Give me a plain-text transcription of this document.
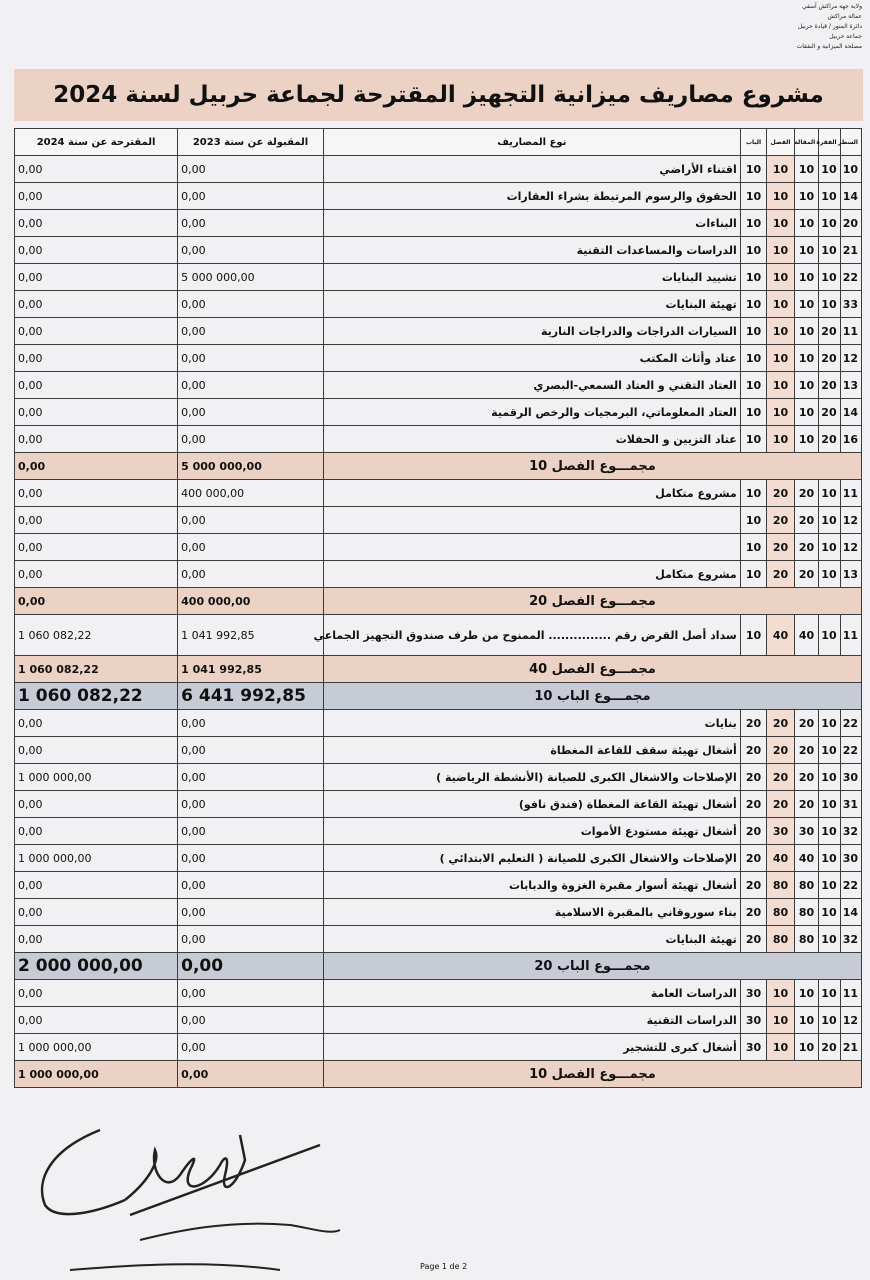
ولاية جهة مراكش آسفي
عمالة مراكش
دائرة المنور / قيادة حربيل
جماعة حربيل
مصلحة الميزانية و النفقات
مشروع مصاريف ميزانية التجهيز المقترحة لجماعة حربيل لسنة 2024
السطر	الفقرة	المقالة	الفصل	الباب	نوع المصاريف	المقبولة عن سنة 2023	المقترحة عن سنة 2024
10	10	10	10	10	اقتناء الأراضي	0,00	0,00
14	10	10	10	10	الحقوق والرسوم المرتبطة بشراء العقارات	0,00	0,00
20	10	10	10	10	البناءات	0,00	0,00
21	10	10	10	10	الدراسات والمساعدات التقنية	0,00	0,00
22	10	10	10	10	تشييد البنايات	5 000 000,00	0,00
33	10	10	10	10	تهيئة البنايات	0,00	0,00
11	20	10	10	10	السيارات الدراجات والدراجات النارية	0,00	0,00
12	20	10	10	10	عتاد وأثاث المكتب	0,00	0,00
13	20	10	10	10	العتاد التقني و العتاد السمعي-البصري	0,00	0,00
14	20	10	10	10	العتاد المعلوماتي، البرمجيات والرخص الرقمية	0,00	0,00
16	20	10	10	10	عتاد التزيين و الحفلات	0,00	0,00
مجمـــوع الفصل 10						5 000 000,00	0,00
11	10	20	20	10	مشروع متكامل	400 000,00	0,00
12	10	20	20	10		0,00	0,00
12	10	20	20	10		0,00	0,00
13	10	20	20	10	مشروع متكامل	0,00	0,00
مجمـــوع الفصل 20						400 000,00	0,00
11	10	40	40	10	سداد أصل القرض رقم ............... الممنوح من طرف صندوق التجهيز الجماعي	1 041 992,85	1 060 082,22
مجمـــوع الفصل 40						1 041 992,85	1 060 082,22
مجمـــوع الباب 10						6 441 992,85	1 060 082,22
22	10	20	20	20	بنايات	0,00	0,00
22	10	20	20	20	أشغال تهيئة سقف للقاعة المغطاة	0,00	0,00
30	10	20	20	20	الإصلاحات والاشغال الكبرى للصيانة (الأنشطة الرياضية )	0,00	1 000 000,00
31	10	20	20	20	أشغال تهيئة القاعة المغطاة (فندق نافو)	0,00	0,00
32	10	30	30	20	أشغال تهيئة مستودع الأموات	0,00	0,00
30	10	40	40	20	الإصلاحات والاشغال الكبرى للصيانة ( التعليم الابتدائي )	0,00	1 000 000,00
22	10	80	80	20	أشغال تهيئة أسوار مقبرة الغزوة والدبابات	0,00	0,00
14	10	80	80	20	بناء سوروقاني بالمقبرة الاسلامية	0,00	0,00
32	10	80	80	20	تهيئة البنايات	0,00	0,00
مجمـــوع الباب 20						0,00	2 000 000,00
11	10	10	10	30	الدراسات العامة	0,00	0,00
12	10	10	10	30	الدراسات التقنية	0,00	0,00
21	20	10	10	30	أشغال كبرى للتشجير	0,00	1 000 000,00
مجمـــوع الفصل 10						0,00	1 000 000,00
Page 1 de 2
